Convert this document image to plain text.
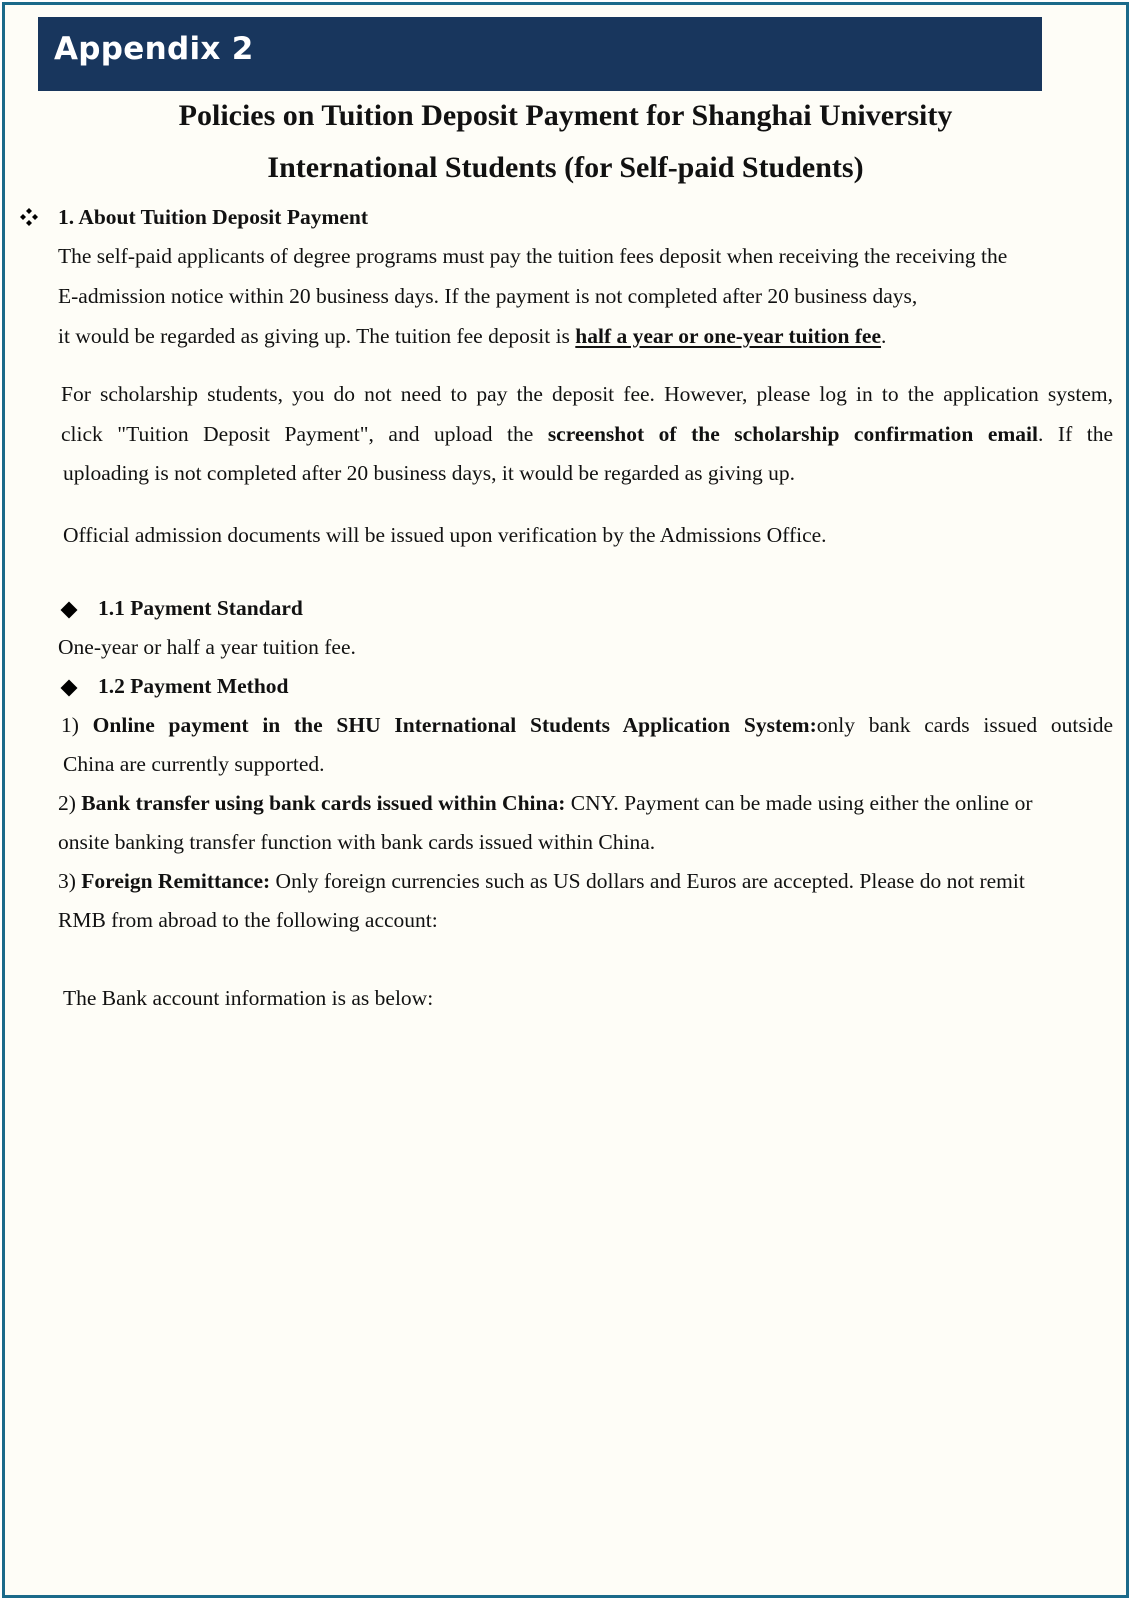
Appendix 2
Policies on Tuition Deposit Payment for Shanghai University
International Students (for Self-paid Students)
1. About Tuition Deposit Payment
The self-paid applicants of degree programs must pay the tuition fees deposit when receiving the receiving the
E-admission notice within 20 business days. If the payment is not completed after 20 business days,
it would be regarded as giving up. The tuition fee deposit is half a year or one-year tuition fee.
For scholarship students, you do not need to pay the deposit fee. However, please log in to the application system,
click "Tuition Deposit Payment", and upload the screenshot of the scholarship confirmation email. If the
uploading is not completed after 20 business days, it would be regarded as giving up.
Official admission documents will be issued upon verification by the Admissions Office.
1.1 Payment Standard
One-year or half a year tuition fee.
1.2 Payment Method
1) Online payment in the SHU International Students Application System:only bank cards issued outside
China are currently supported.
2) Bank transfer using bank cards issued within China: CNY. Payment can be made using either the online or
onsite banking transfer function with bank cards issued within China.
3) Foreign Remittance: Only foreign currencies such as US dollars and Euros are accepted. Please do not remit
RMB from abroad to the following account:
The Bank account information is as below:
